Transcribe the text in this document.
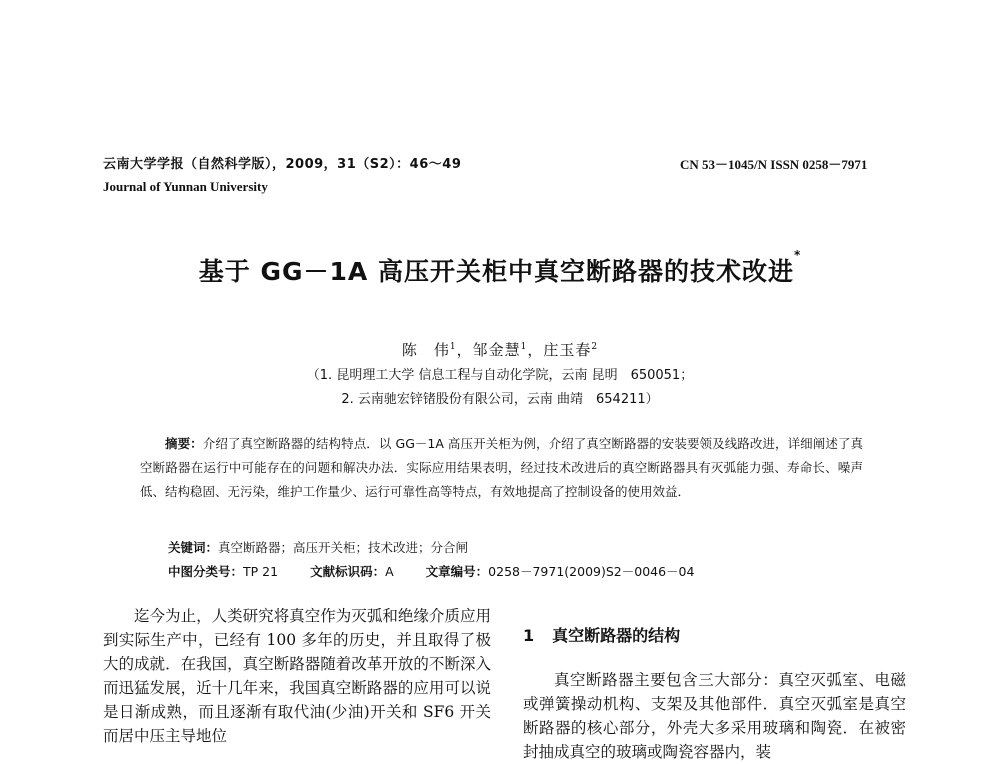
云南大学学报（自然科学版），2009，31（S2）：46～49	CN 53－1045/N ISSN 0258－7971
Journal of Yunnan University
基于 GG－1A 高压开关柜中真空断路器的技术改进*
陈　伟$^1$，邹金慧$^1$，庄玉春$^2$
（1. 昆明理工大学 信息工程与自动化学院，云南 昆明　650051；
2. 云南驰宏锌锗股份有限公司，云南 曲靖　654211）

摘要：介绍了真空断路器的结构特点．以 GG－1A 高压开关柜为例，介绍了真空断路器的安装要领及线路改进，详细阐述了真空断路器在运行中可能存在的问题和解决办法．实际应用结果表明，经过技术改进后的真空断路器具有灭弧能力强、寿命长、噪声低、结构稳固、无污染，维护工作量少、运行可靠性高等特点，有效地提高了控制设备的使用效益．

关键词：真空断路器；高压开关柜；技术改进；分合闸
中图分类号：TP 21	文献标识码：A	文章编号：0258－7971(2009)S2－0046－04

迄今为止，人类研究将真空作为灭弧和绝缘介质应用到实际生产中，已经有 100 多年的历史，并且取得了极大的成就．在我国，真空断路器随着改革开放的不断深入而迅猛发展，近十几年来，我国真空断路器的应用可以说是日渐成熟，而且逐渐有取代油(少油)开关和 SF6 开关而居中压主导地位

1 真空断路器的结构

真空断路器主要包含三大部分：真空灭弧室、电磁或弹簧操动机构、支架及其他部件．真空灭弧室是真空断路器的核心部分，外壳大多采用玻璃和陶瓷．在被密封抽成真空的玻璃或陶瓷容器内，装
